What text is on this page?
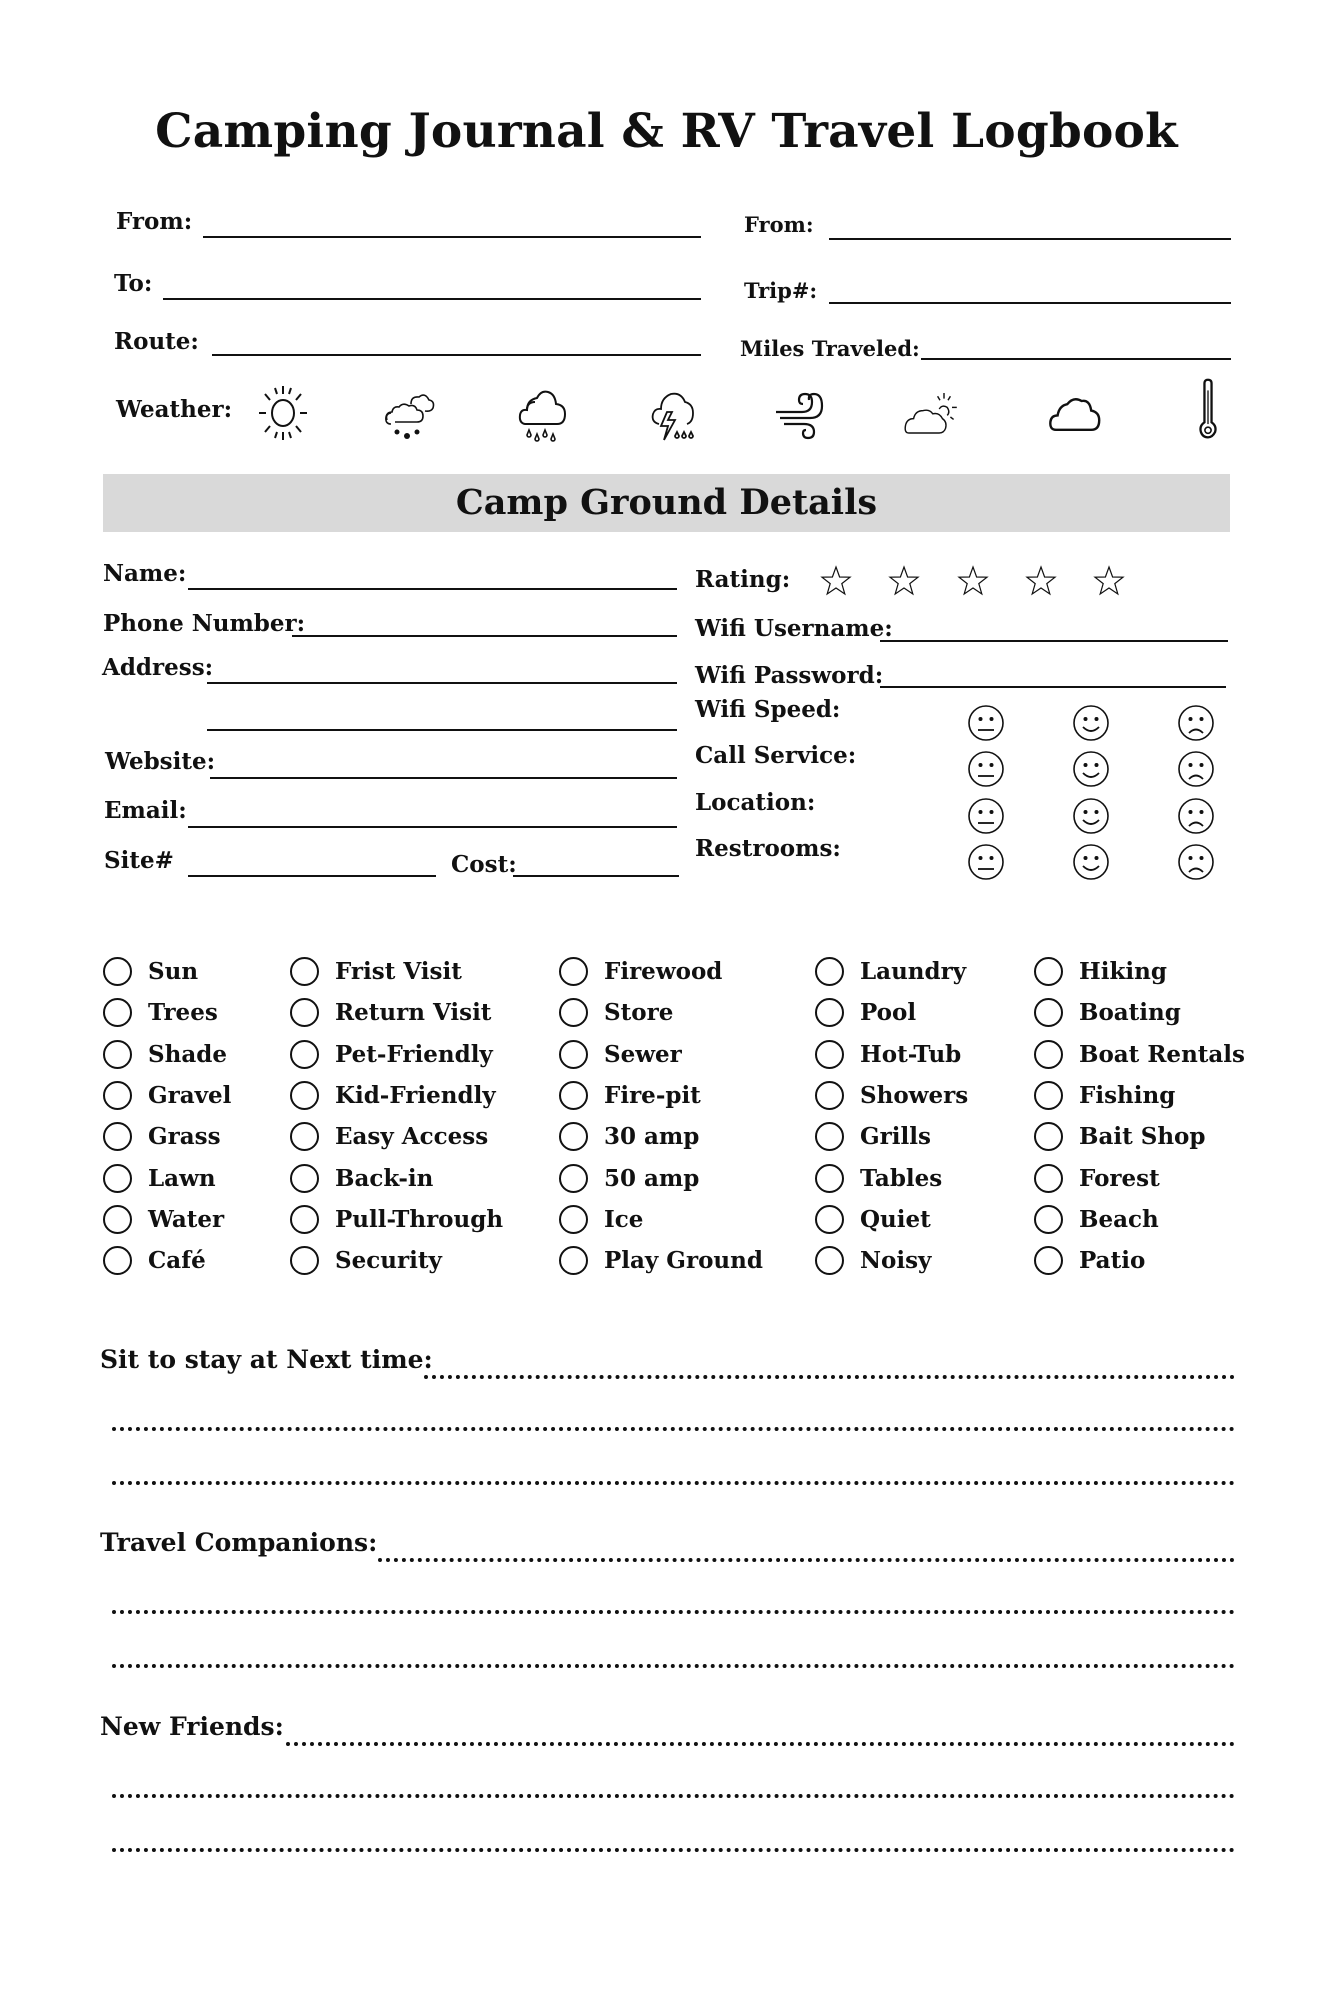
Camping Journal & RV Travel Logbook
From:
To:
Route:
From:
Trip#:
Miles Traveled:
Weather:
Camp Ground Details
Name:
Phone Number:
Address:
Website:
Email:
Site#	Cost:
Rating:
Wifi Username:
Wifi Password:
Wifi Speed:
Call Service:
Location:
Restrooms:
Sun
Trees
Shade
Gravel
Grass
Lawn
Water
Café
Frist Visit
Return Visit
Pet-Friendly
Kid-Friendly
Easy Access
Back-in
Pull-Through
Security
Firewood
Store
Sewer
Fire-pit
30 amp
50 amp
Ice
Play Ground
Laundry
Pool
Hot-Tub
Showers
Grills
Tables
Quiet
Noisy
Hiking
Boating
Boat Rentals
Fishing
Bait Shop
Forest
Beach
Patio
Sit to stay at Next time:
Travel Companions:
New Friends:
